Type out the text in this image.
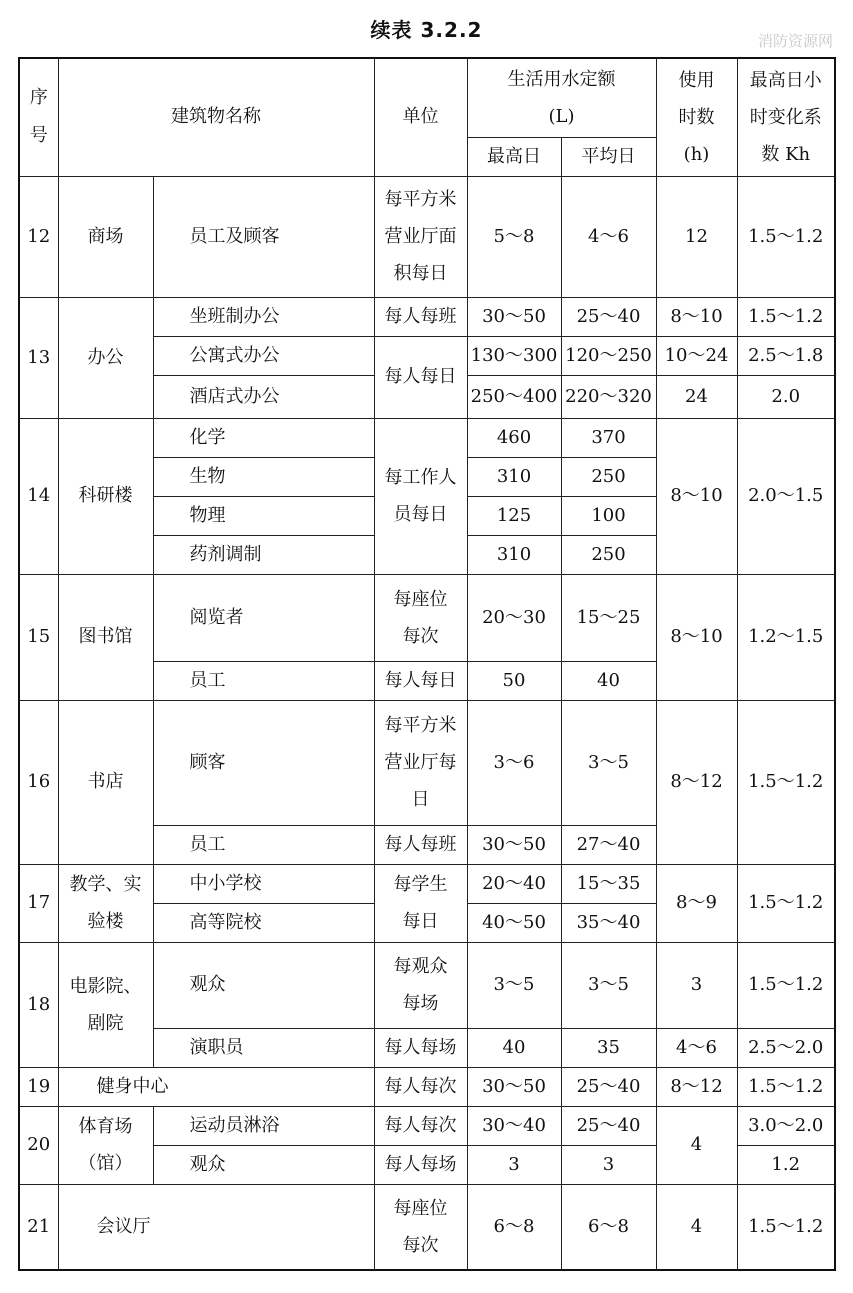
续表 3.2.2	消防资源网
序号	建筑物名称		单位	生活用水定额(L)		使用时数(h)	最高日小时变化系数 Kh
				最高日	平均日		
12	商场	员工及顾客	每平方米营业厅面积每日	5～8	4～6	12	1.5～1.2
13	办公	坐班制办公	每人每班	30～50	25～40	8～10	1.5～1.2
		公寓式办公	每人每日	130～300	120～250	10～24	2.5～1.8
		酒店式办公		250～400	220～320	24	2.0
14	科研楼	化学	每工作人员每日	460	370	8～10	2.0～1.5
		生物		310	250		
		物理		125	100		
		药剂调制		310	250		
15	图书馆	阅览者	每座位每次	20～30	15～25	8～10	1.2～1.5
		员工	每人每日	50	40		
16	书店	顾客	每平方米营业厅每日	3～6	3～5	8～12	1.5～1.2
		员工	每人每班	30～50	27～40		
17	教学、实验楼	中小学校	每学生每日	20～40	15～35	8～9	1.5～1.2
		高等院校		40～50	35～40		
18	电影院、剧院	观众	每观众每场	3～5	3～5	3	1.5～1.2
		演职员	每人每场	40	35	4～6	2.5～2.0
19	健身中心		每人每次	30～50	25～40	8～12	1.5～1.2
20	体育场（馆）	运动员淋浴	每人每次	30～40	25～40	4	3.0～2.0
		观众	每人每场	3	3		1.2
21	会议厅		每座位每次	6～8	6～8	4	1.5～1.2
